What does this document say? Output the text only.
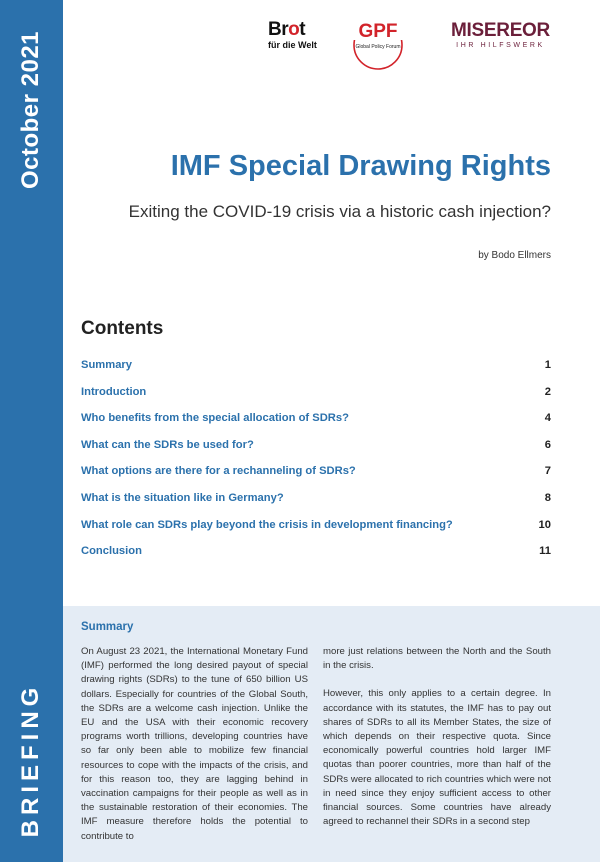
October 2021
BRIEFING
Brot
für die Welt
GPF
Global Policy Forum
MISEREOR
IHR HILFSWERK
IMF Special Drawing Rights
Exiting the COVID-19 crisis via a historic cash injection?
by Bodo Ellmers
Contents
Summary	1
Introduction	2
Who benefits from the special allocation of SDRs?	4
What can the SDRs be used for?	6
What options are there for a rechanneling of SDRs?	7
What is the situation like in Germany?	8
What role can SDRs play beyond the crisis in development financing?	10
Conclusion	11
Summary

On August 23 2021, the International Monetary Fund (IMF) performed the long desired payout of special drawing rights (SDRs) to the tune of 650 billion US dollars. Especially for countries of the Global South, the SDRs are a welcome cash injection. Unlike the EU and the USA with their economic recovery programs worth trillions, developing countries have so far only been able to mobilize few financial resources to cope with the impacts of the crisis, and for this reason too, they are lagging behind in vaccination campaigns for their people as well as in the sustainable restoration of their economies. The IMF measure therefore holds the potential to contribute to

more just relations between the North and the South in the crisis.

However, this only applies to a certain degree. In accordance with its statutes, the IMF has to pay out shares of SDRs to all its Member States, the size of which depends on their respective quota. Since economically powerful countries hold larger IMF quotas than poorer countries, more than half of the SDRs were allocated to rich countries which were not in need since they enjoy sufficient access to other financial sources. Some countries have already agreed to rechannel their SDRs in a second step
